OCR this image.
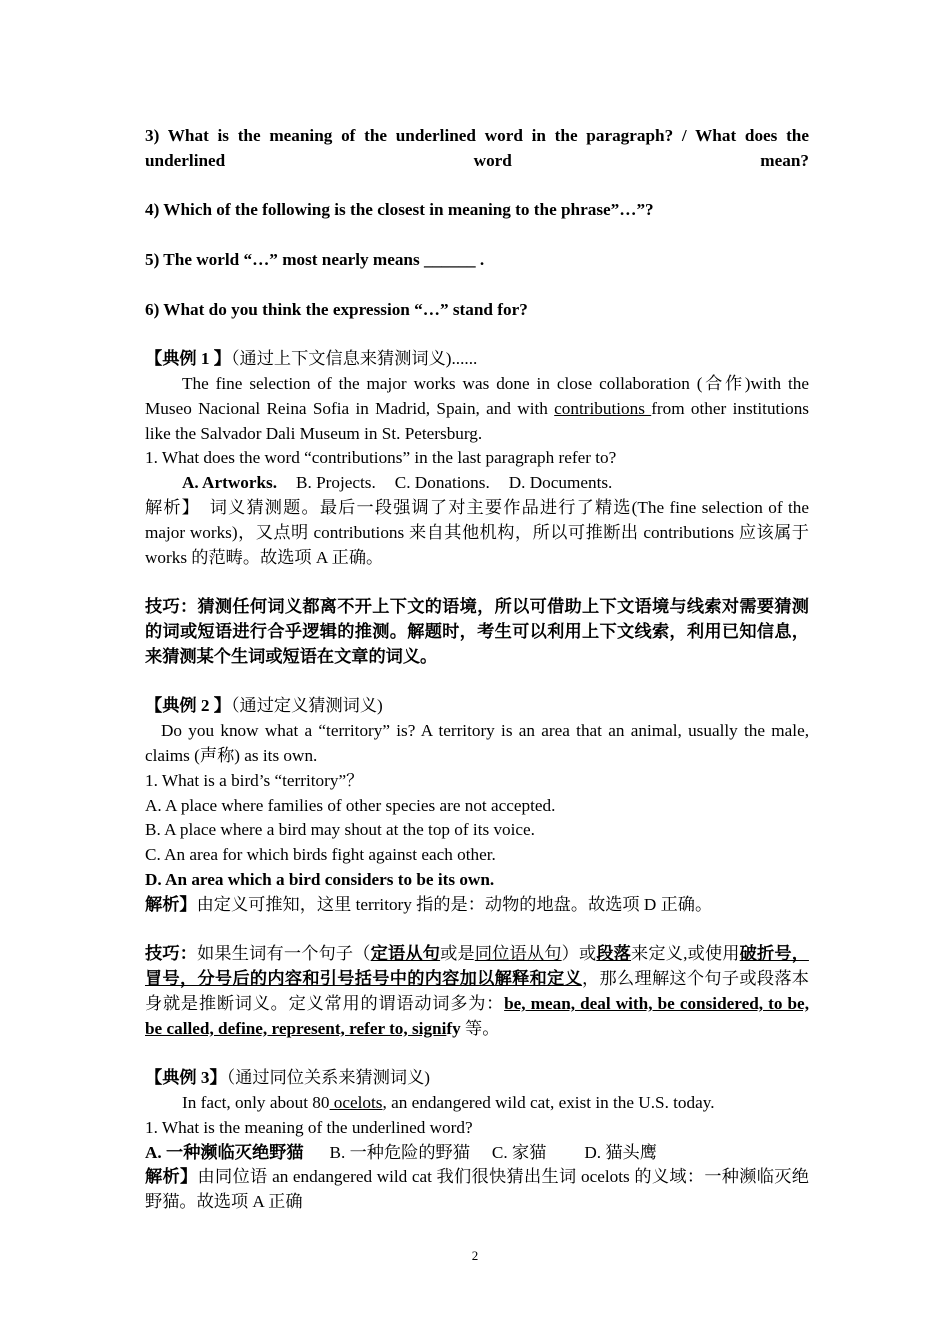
3) What is the meaning of the underlined word in the paragraph? / What does the underlined word mean?

4) Which of the following is the closest in meaning to the phrase”…”?

5) The world “…” most nearly means ______ .

6) What do you think the expression “…” stand for?

【典例 1 】（通过上下文信息来猜测词义)......

The fine selection of the major works was done in close collaboration (合作)with the Museo Nacional Reina Sofia in Madrid, Spain, and with contributions from other institutions like the Salvador Dali Museum in St. Petersburg.

1. What does the word “contributions” in the last paragraph refer to?

A. Artworks. B. Projects. C. Donations. D. Documents.

解析】　词义猜测题。最后一段强调了对主要作品进行了精选(The fine selection of the major works)，又点明 contributions 来自其他机构，所以可推断出 contributions 应该属于 works 的范畴。故选项 A 正确。

技巧：猜测任何词义都离不开上下文的语境，所以可借助上下文语境与线索对需要猜测的词或短语进行合乎逻辑的推测。解题时，考生可以利用上下文线索，利用已知信息，来猜测某个生词或短语在文章的词义。

【典例 2 】（通过定义猜测词义)

Do you know what a “territory” is? A territory is an area that an animal, usually the male, claims (声称) as its own.

1. What is a bird’s “territory”？

A. A place where families of other species are not accepted.

B. A place where a bird may shout at the top of its voice.

C. An area for which birds fight against each other.

D. An area which a bird considers to be its own.

解析】由定义可推知，这里 territory 指的是：动物的地盘。故选项 D 正确。

技巧：如果生词有一个句子（定语从句或是同位语从句）或段落来定义,或使用破折号，冒号，分号后的内容和引号括号中的内容加以解释和定义，那么理解这个句子或段落本身就是推断词义。定义常用的谓语动词多为：be, mean, deal with, be considered, to be, be called, define, represent, refer to, signify 等。

【典例 3】（通过同位关系来猜测词义)

In fact, only about 80 ocelots, an endangered wild cat, exist in the U.S. today.

1. What is the meaning of the underlined word?

A. 一种濒临灭绝野猫 B. 一种危险的野猫 C. 家猫 D. 猫头鹰

解析】由同位语 an endangered wild cat 我们很快猜出生词 ocelots 的义域：一种濒临灭绝野猫。故选项 A 正确

2
